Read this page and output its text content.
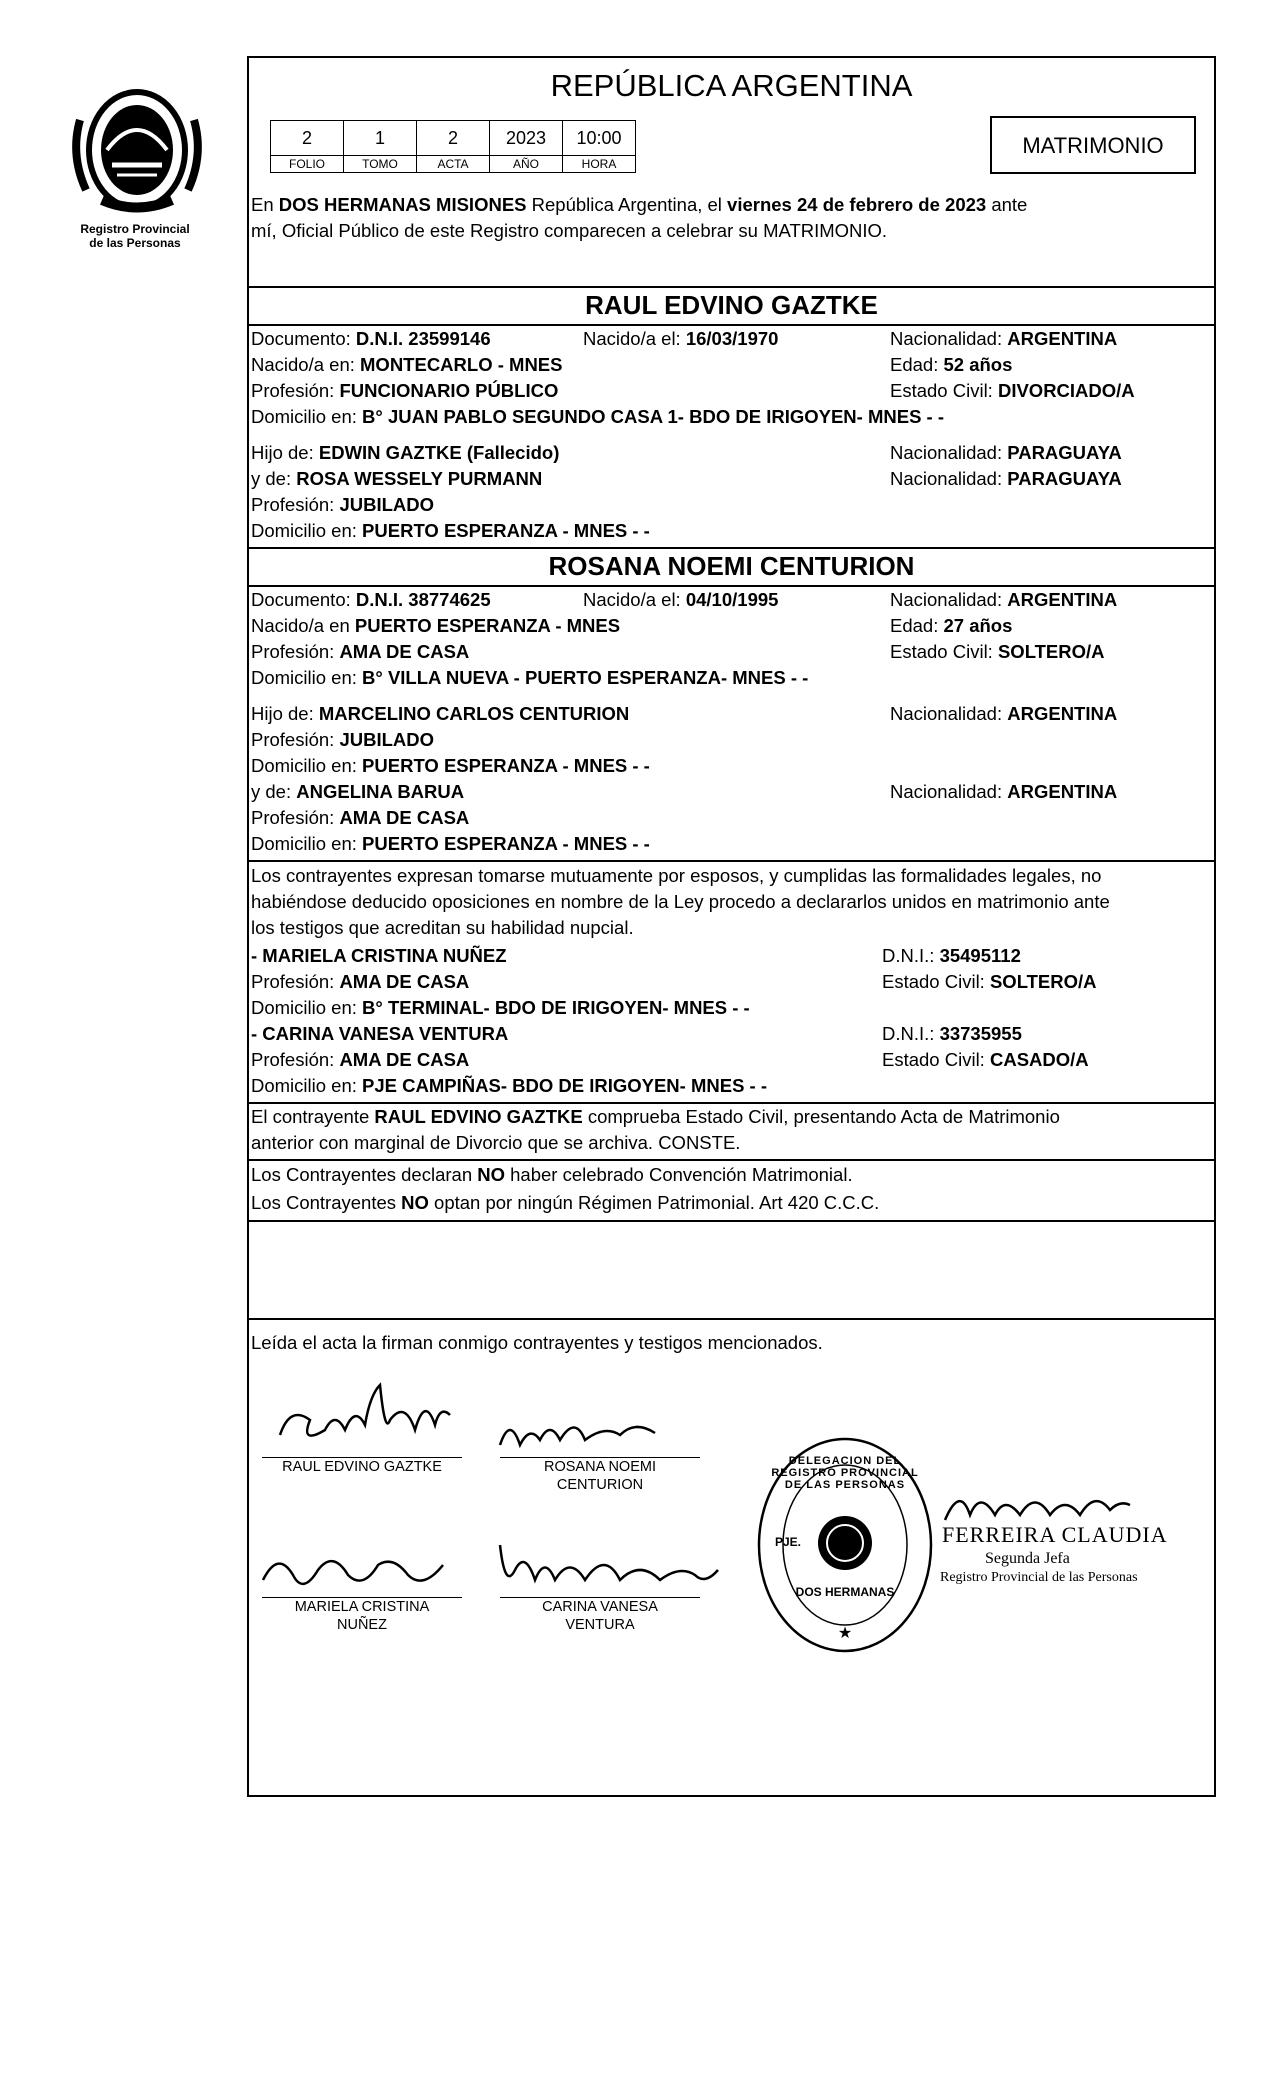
Registro Provincial
de las Personas
REPÚBLICA ARGENTINA
2	1	2	2023	10:00
FOLIO	TOMO	ACTA	AÑO	HORA
MATRIMONIO
En DOS HERMANAS MISIONES República Argentina, el viernes 24 de febrero de 2023 ante
mí, Oficial Público de este Registro comparecen a celebrar su MATRIMONIO.
RAUL EDVINO GAZTKE
Documento: D.N.I. 23599146	Nacido/a el: 16/03/1970	Nacionalidad: ARGENTINA
Nacido/a en: MONTECARLO - MNES	Edad: 52 años
Profesión: FUNCIONARIO PÚBLICO	Estado Civil: DIVORCIADO/A
Domicilio en: B° JUAN PABLO SEGUNDO CASA 1- BDO DE IRIGOYEN- MNES - -
Hijo de: EDWIN GAZTKE (Fallecido)	Nacionalidad: PARAGUAYA
y de: ROSA WESSELY PURMANN	Nacionalidad: PARAGUAYA
Profesión: JUBILADO
Domicilio en: PUERTO ESPERANZA - MNES - -
ROSANA NOEMI CENTURION
Documento: D.N.I. 38774625	Nacido/a el: 04/10/1995	Nacionalidad: ARGENTINA
Nacido/a en PUERTO ESPERANZA - MNES	Edad: 27 años
Profesión: AMA DE CASA	Estado Civil: SOLTERO/A
Domicilio en: B° VILLA NUEVA - PUERTO ESPERANZA- MNES - -
Hijo de: MARCELINO CARLOS CENTURION	Nacionalidad: ARGENTINA
Profesión: JUBILADO
Domicilio en: PUERTO ESPERANZA - MNES - -
y de: ANGELINA BARUA	Nacionalidad: ARGENTINA
Profesión: AMA DE CASA
Domicilio en: PUERTO ESPERANZA - MNES - -
Los contrayentes expresan tomarse mutuamente por esposos, y cumplidas las formalidades legales, no
habiéndose deducido oposiciones en nombre de la Ley procedo a declararlos unidos en matrimonio ante
los testigos que acreditan su habilidad nupcial.
- MARIELA CRISTINA NUÑEZ	D.N.I.: 35495112
Profesión: AMA DE CASA	Estado Civil: SOLTERO/A
Domicilio en: B° TERMINAL- BDO DE IRIGOYEN- MNES - -
- CARINA VANESA VENTURA	D.N.I.: 33735955
Profesión: AMA DE CASA	Estado Civil: CASADO/A
Domicilio en: PJE CAMPIÑAS- BDO DE IRIGOYEN- MNES - -
El contrayente RAUL EDVINO GAZTKE comprueba Estado Civil, presentando Acta de Matrimonio
anterior con marginal de Divorcio que se archiva. CONSTE.
Los Contrayentes declaran NO haber celebrado Convención Matrimonial.
Los Contrayentes NO optan por ningún Régimen Patrimonial. Art 420 C.C.C.
Leída el acta la firman conmigo contrayentes y testigos mencionados.
RAUL EDVINO GAZTKE	ROSANA NOEMI
CENTURION
MARIELA CRISTINA
NUÑEZ
CARINA VANESA
VENTURA	★
DELEGACION DEL REGISTRO PROVINCIAL DE LAS PERSONAS
PJE.
DOS HERMANAS
FERREIRA CLAUDIA
Segunda Jefa
Registro Provincial de las Personas
